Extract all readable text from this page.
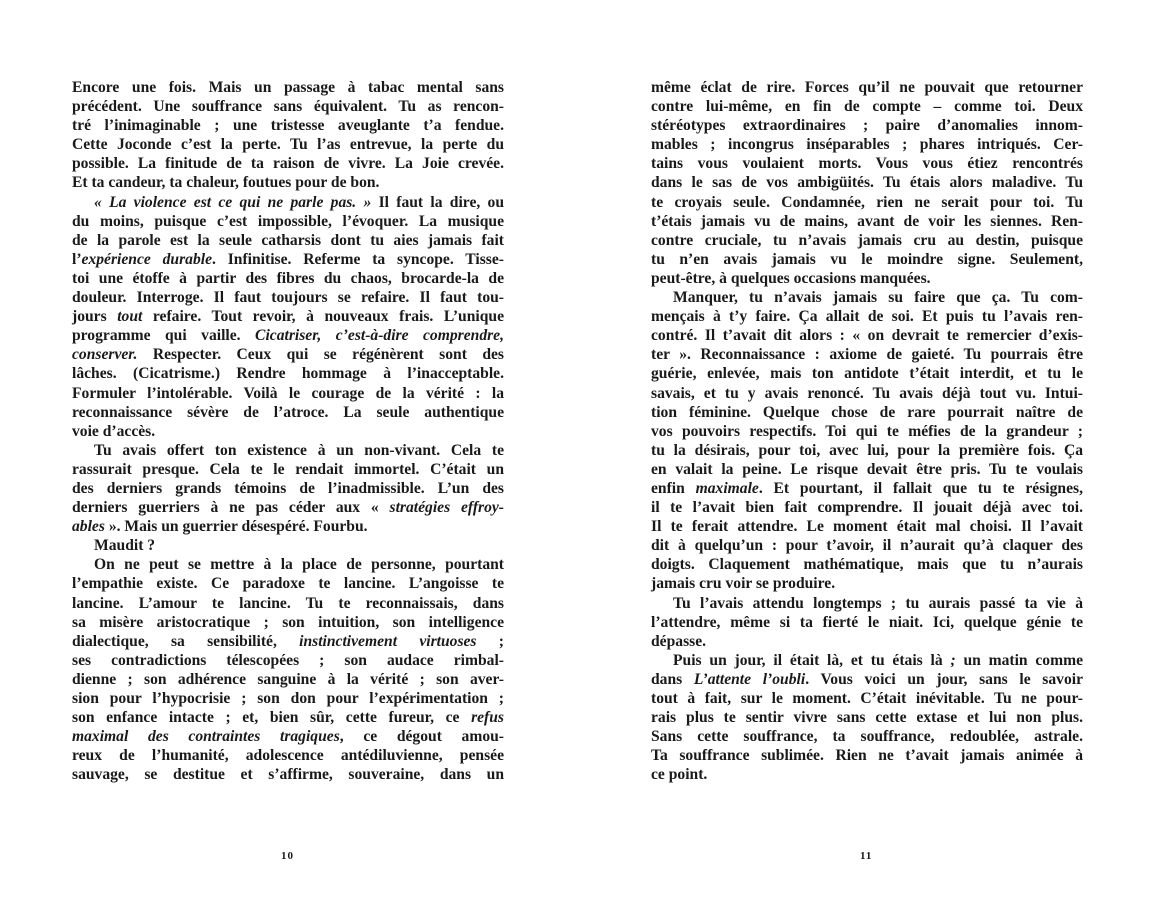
Encore une fois. Mais un passage à tabac mental sans
précédent. Une souffrance sans équivalent. Tu as rencon-
tré l’inimaginable ; une tristesse aveuglante t’a fendue.
Cette Joconde c’est la perte. Tu l’as entrevue, la perte du
possible. La finitude de ta raison de vivre. La Joie crevée.
Et ta candeur, ta chaleur, foutues pour de bon.
« La violence est ce qui ne parle pas. » Il faut la dire, ou
du moins, puisque c’est impossible, l’évoquer. La musique
de la parole est la seule catharsis dont tu aies jamais fait
l’expérience durable. Infinitise. Referme ta syncope. Tisse-
toi une étoffe à partir des fibres du chaos, brocarde-la de
douleur. Interroge. Il faut toujours se refaire. Il faut tou-
jours tout refaire. Tout revoir, à nouveaux frais. L’unique
programme qui vaille. Cicatriser, c’est-à-dire comprendre,
conserver. Respecter. Ceux qui se régénèrent sont des
lâches. (Cicatrisme.) Rendre hommage à l’inacceptable.
Formuler l’intolérable. Voilà le courage de la vérité : la
reconnaissance sévère de l’atroce. La seule authentique
voie d’accès.
Tu avais offert ton existence à un non-vivant. Cela te
rassurait presque. Cela te le rendait immortel. C’était un
des derniers grands témoins de l’inadmissible. L’un des
derniers guerriers à ne pas céder aux « stratégies effroy-
ables ». Mais un guerrier désespéré. Fourbu.
Maudit ?
On ne peut se mettre à la place de personne, pourtant
l’empathie existe. Ce paradoxe te lancine. L’angoisse te
lancine. L’amour te lancine. Tu te reconnaissais, dans
sa misère aristocratique ; son intuition, son intelligence
dialectique, sa sensibilité, instinctivement virtuoses ;
ses contradictions télescopées ; son audace rimbal-
dienne ; son adhérence sanguine à la vérité ; son aver-
sion pour l’hypocrisie ; son don pour l’expérimentation ;
son enfance intacte ; et, bien sûr, cette fureur, ce refus
maximal des contraintes tragiques, ce dégout amou-
reux de l’humanité, adolescence antédiluvienne, pensée
sauvage, se destitue et s’affirme, souveraine, dans un
même éclat de rire. Forces qu’il ne pouvait que retourner
contre lui-même, en fin de compte – comme toi. Deux
stéréotypes extraordinaires ; paire d’anomalies innom-
mables ; incongrus inséparables ; phares intriqués. Cer-
tains vous voulaient morts. Vous vous étiez rencontrés
dans le sas de vos ambigüités. Tu étais alors maladive. Tu
te croyais seule. Condamnée, rien ne serait pour toi. Tu
t’étais jamais vu de mains, avant de voir les siennes. Ren-
contre cruciale, tu n’avais jamais cru au destin, puisque
tu n’en avais jamais vu le moindre signe. Seulement,
peut-être, à quelques occasions manquées.
Manquer, tu n’avais jamais su faire que ça. Tu com-
mençais à t’y faire. Ça allait de soi. Et puis tu l’avais ren-
contré. Il t’avait dit alors : « on devrait te remercier d’exis-
ter ». Reconnaissance : axiome de gaieté. Tu pourrais être
guérie, enlevée, mais ton antidote t’était interdit, et tu le
savais, et tu y avais renoncé. Tu avais déjà tout vu. Intui-
tion féminine. Quelque chose de rare pourrait naître de
vos pouvoirs respectifs. Toi qui te méfies de la grandeur ;
tu la désirais, pour toi, avec lui, pour la première fois. Ça
en valait la peine. Le risque devait être pris. Tu te voulais
enfin maximale. Et pourtant, il fallait que tu te résignes,
il te l’avait bien fait comprendre. Il jouait déjà avec toi.
Il te ferait attendre. Le moment était mal choisi. Il l’avait
dit à quelqu’un : pour t’avoir, il n’aurait qu’à claquer des
doigts. Claquement mathématique, mais que tu n’aurais
jamais cru voir se produire.
Tu l’avais attendu longtemps ; tu aurais passé ta vie à
l’attendre, même si ta fierté le niait. Ici, quelque génie te
dépasse.
Puis un jour, il était là, et tu étais là ; un matin comme
dans L’attente l’oubli. Vous voici un jour, sans le savoir
tout à fait, sur le moment. C’était inévitable. Tu ne pour-
rais plus te sentir vivre sans cette extase et lui non plus.
Sans cette souffrance, ta souffrance, redoublée, astrale.
Ta souffrance sublimée. Rien ne t’avait jamais animée à
ce point.
10	11
